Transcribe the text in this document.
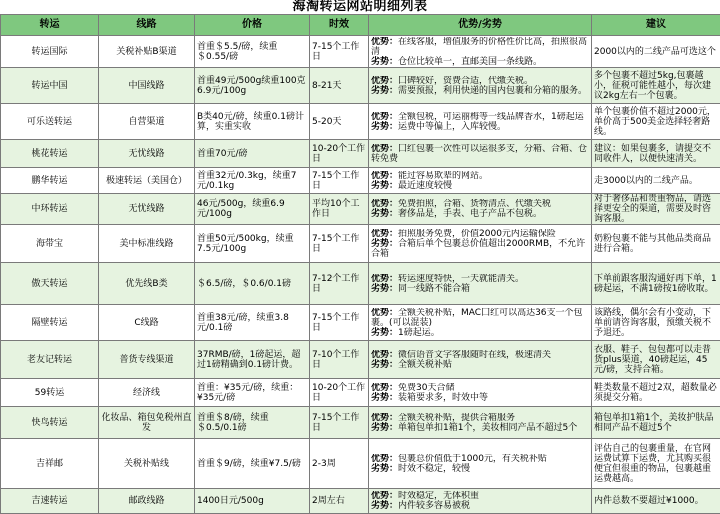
海淘转运网站明细列表
转运	线路	价格	时效	优势/劣势	建议
转运国际	关税补贴B渠道	首重＄5.5/磅，续重＄0.55/磅	7-15个工作日	优势：在线客服，增值服务的价格性价比高，拍照很高清
劣势：仓位比较单一，直邮美国一条线路。	2000以内的二线产品可选这个
转运中国	中国线路	首重49元/500g续重100克6.9元/100g	8-21天	优势：囗碑较好，资费合适，代缴关税。
劣势：需要预报，利用快递的国内包裹和分箱的服务。	多个包裹不超过5kg,包裹越小，征税可能性越小，每次建议2kg左右一个包裹。
可乐送转运	自营渠道	B类40元/磅，续重0.1磅计算，实重实收	5-20天	优势：全额包税，可运丽梅等一线品牌香水，1磅起运
劣势：运费中等偏上，入库较慢。	单个包裹价值不超过2000元，单价高于500美金选择轻奢路线。
桃花转运	无忧线路	首重70元/磅	10-20个工作日	优势：囗红包裹一次性可以运很多支，分箱、合箱、仓转免费	建议：如果包裹多，请提交不同收件人，以便快速清关。
鹏华转运	极速转运（美国仓）	首重32元/0.3kg，续重7元/0.1kg	7-15个工作日	优势：能过容易欺辈的网站。
劣势：最近速度较慢	走3000以内的二线产品。
中环转运	无忧线路	46元/500g，续重6.9元/100g	平均10个工作日	优势：免费拍照，合箱、货物清点、代缴关税
劣势：奢侈品是，手表、电子产品不包税。	对于奢侈品和贵重物品，请选择更安全的渠道，需要及时咨询客服。
海带宝	美中标准线路	首重50元/500kg，续重7.5元/100g	7-15个工作日	优势：拍照服务免费，价值2000元内运输保险
劣势：合箱后单个包裹总价值超出2000RMB，不允许合箱	奶粉包裹不能与其他品类商品进行合箱。
傲天转运	优先线B类	＄6.5/磅，＄0.6/0.1磅	7-12个工作日	优势：转运速度特快，一天就能清关。
劣势：同一线路不能合箱	下单前跟客服沟通好再下单，1磅起运，不满1磅按1磅收取。
隔壁转运	C线路	首重38元/磅，续重3.8元/0.1磅	7-15个工作日	优势：全额关税补贴，MAC囗红可以高达36支一个包裹。(可以混装)
劣势：1磅起运。	该路线，偶尔会有小变动，下单前请咨询客服，预缴关税不予退还。
老友记转运	普货专线渠道	37RMB/磅，1磅起运，超过1磅精确到0.1磅计费。	7-10个工作日	优势：微信语音文字客服随时在线，极速清关
劣势：全额关税补贴	衣服、鞋子、包包都可以走普货plus渠道，40磅起运，45元/磅，支持合箱。
59转运	经济线	首重：¥35元/磅，续重：¥35元/磅	10-20个工作日	优势：免费30天合储
劣势：装箱要求多，时效中等	鞋类数量不超过2双，超数量必须提交分箱。
快鸟转运	化妆品、箱包免税州直发	首重＄8/磅，续重＄0.5/0.1磅	7-15个工作日	优势：全额关税补贴，提供合箱服务
劣势：单箱包单扣1箱1个，美妆相同产品不超过5个	箱包单扣1箱1个，美妆护肤品相同产品不超过5个
吉祥邮	关税补贴线	首重＄9/磅，续重¥7.5/磅	2-3周	优势：包裹总价值低于1000元，有关税补贴
劣势：时效不稳定，较慢	评估自己的包裹重量，在官网运费试算下运费，尤其购买很便宜但很重的物品，包裹越重运费越高。
吉速转运	邮政线路	1400日元/500g	2周左右	优势：时效稳定，无体积重
劣势：内件较多容易被税	内件总数不要超过¥1000。
